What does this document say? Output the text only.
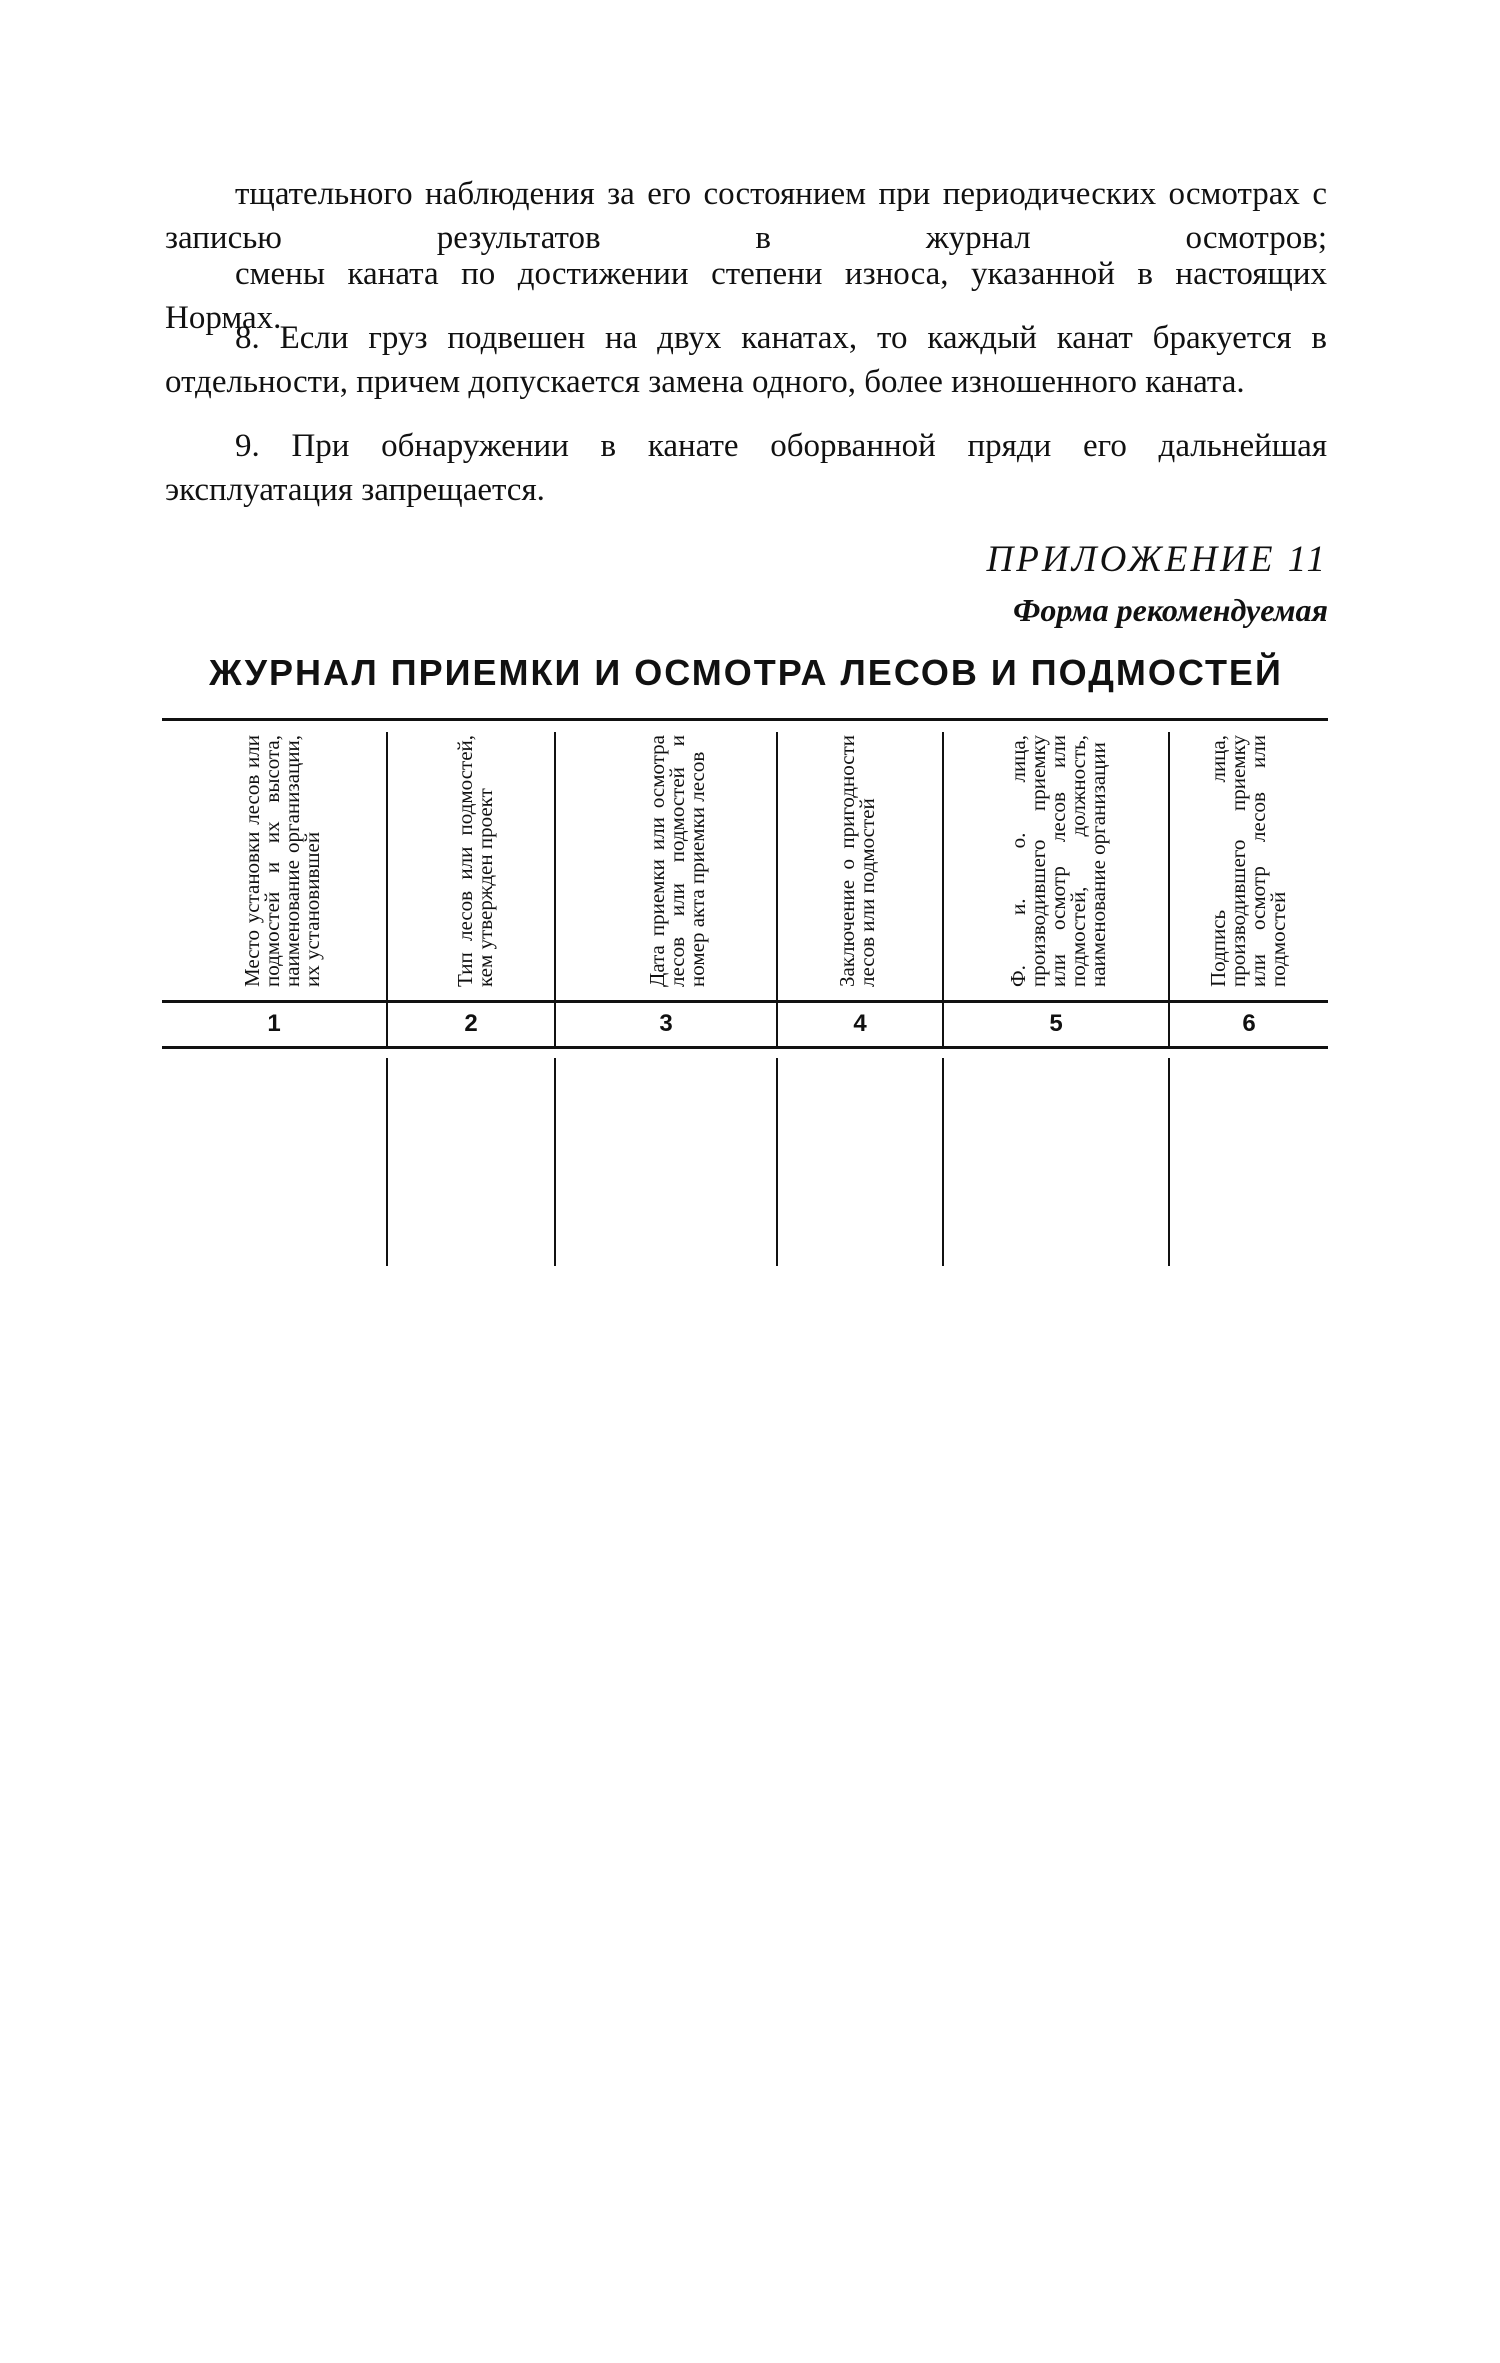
тщательного наблюдения за его состоянием при периодических осмотрах с записью результатов в журнал осмотров;
смены каната по достижении степени износа, указанной в настоящих Нормах.
8. Если груз подвешен на двух канатах, то каждый канат бракуется в отдельности, причем допускается замена одного, более изношенного каната.
9. При обнаружении в канате оборванной пряди его дальнейшая эксплуатация запрещается.
ПРИЛОЖЕНИЕ 11
Форма рекомендуемая
ЖУРНАЛ ПРИЕМКИ И ОСМОТРА ЛЕСОВ И ПОДМОСТЕЙ
Место установки лесов или подмостей и их высота, наименование организации, их установившей	Тип лесов или подмостей, кем утвержден проект	Дата приемки или осмотра лесов или подмостей и номер акта приемки лесов	Заключение о пригодности лесов или подмостей	Ф. и. о. лица, производившего приемку или осмотр лесов или подмостей, должность, наименование организации	Подпись лица, производившего приемку или осмотр лесов или подмостей
1	2	3	4	5	6
